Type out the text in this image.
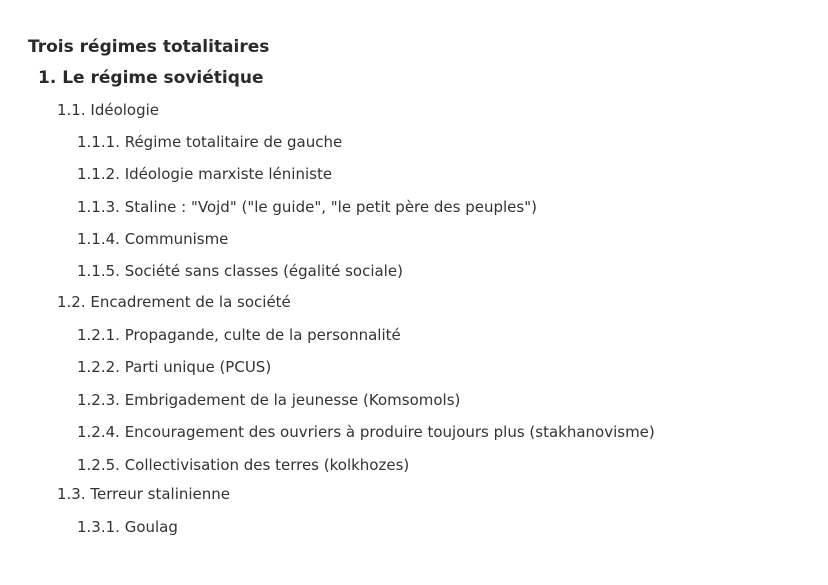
Trois régimes totalitaires
1. Le régime soviétique
1.1. Idéologie
1.1.1. Régime totalitaire de gauche
1.1.2. Idéologie marxiste léniniste
1.1.3. Staline : "Vojd" ("le guide", "le petit père des peuples")
1.1.4. Communisme
1.1.5. Société sans classes (égalité sociale)
1.2. Encadrement de la société
1.2.1. Propagande, culte de la personnalité
1.2.2. Parti unique (PCUS)
1.2.3. Embrigadement de la jeunesse (Komsomols)
1.2.4. Encouragement des ouvriers à produire toujours plus (stakhanovisme)
1.2.5. Collectivisation des terres (kolkhozes)
1.3. Terreur stalinienne
1.3.1. Goulag
